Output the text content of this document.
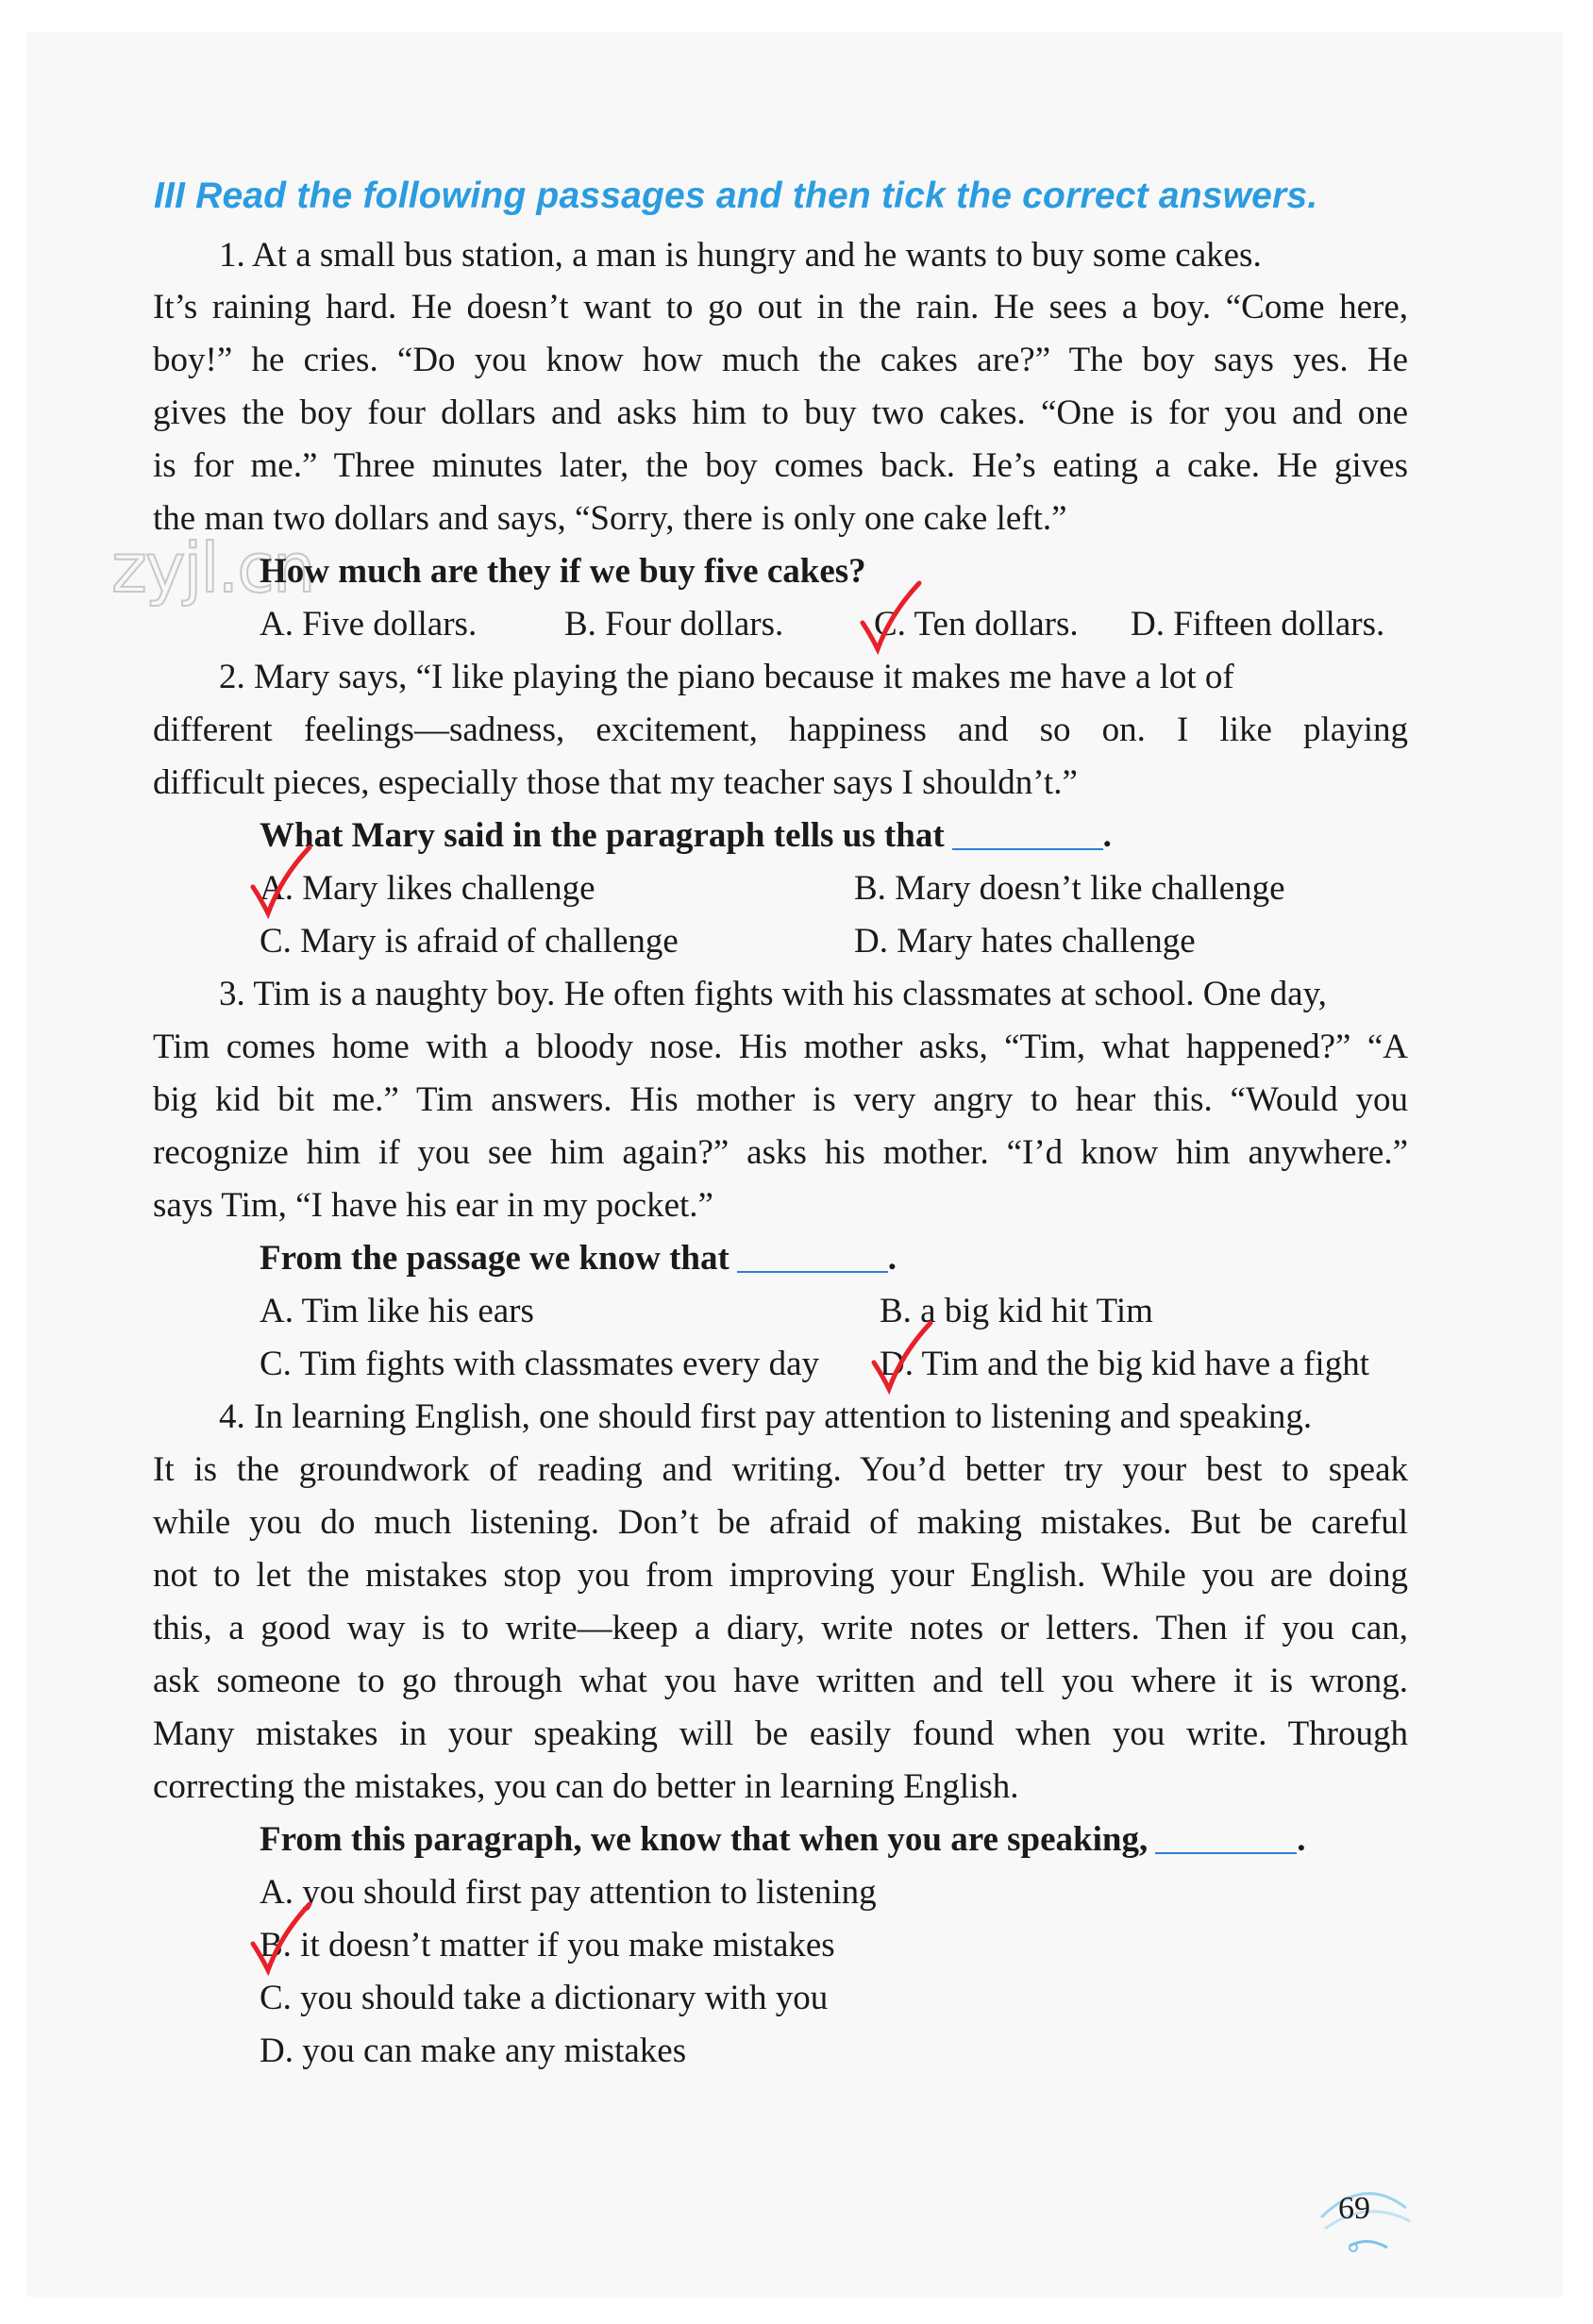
zyjl.cn
III Read the following passages and then tick the correct answers.
1. At a small bus station, a man is hungry and he wants to buy some cakes.
It’s raining hard. He doesn’t want to go out in the rain. He sees a boy. “Come here,
boy!” he cries. “Do you know how much the cakes are?” The boy says yes. He
gives the boy four dollars and asks him to buy two cakes. “One is for you and one
is for me.” Three minutes later, the boy comes back. He’s eating a cake. He gives
the man two dollars and says, “Sorry, there is only one cake left.”
How much are they if we buy five cakes?
A. Five dollars.	B. Four dollars.	C. Ten dollars. D. Fifteen dollars.
2. Mary says, “I like playing the piano because it makes me have a lot of
different feelings—sadness, excitement, happiness and so on. I like playing
difficult pieces, especially those that my teacher says I shouldn’t.”
What Mary said in the paragraph tells us that	.
A. Mary likes challenge	B. Mary doesn’t like challenge
C. Mary is afraid of challenge	D. Mary hates challenge
3. Tim is a naughty boy. He often fights with his classmates at school. One day,
Tim comes home with a bloody nose. His mother asks, “Tim, what happened?” “A
big kid bit me.” Tim answers. His mother is very angry to hear this. “Would you
recognize him if you see him again?” asks his mother. “I’d know him anywhere.”
says Tim, “I have his ear in my pocket.”
From the passage we know that	.
A. Tim like his ears	B. a big kid hit Tim
C. Tim fights with classmates every day D. Tim and the big kid have a fight
4. In learning English, one should first pay attention to listening and speaking.
It is the groundwork of reading and writing. You’d better try your best to speak
while you do much listening. Don’t be afraid of making mistakes. But be careful
not to let the mistakes stop you from improving your English. While you are doing
this, a good way is to write—keep a diary, write notes or letters. Then if you can,
ask someone to go through what you have written and tell you where it is wrong.
Many mistakes in your speaking will be easily found when you write. Through
correcting the mistakes, you can do better in learning English.
From this paragraph, we know that when you are speaking,	.
A. you should first pay attention to listening
B. it doesn’t matter if you make mistakes
C. you should take a dictionary with you
D. you can make any mistakes
69
